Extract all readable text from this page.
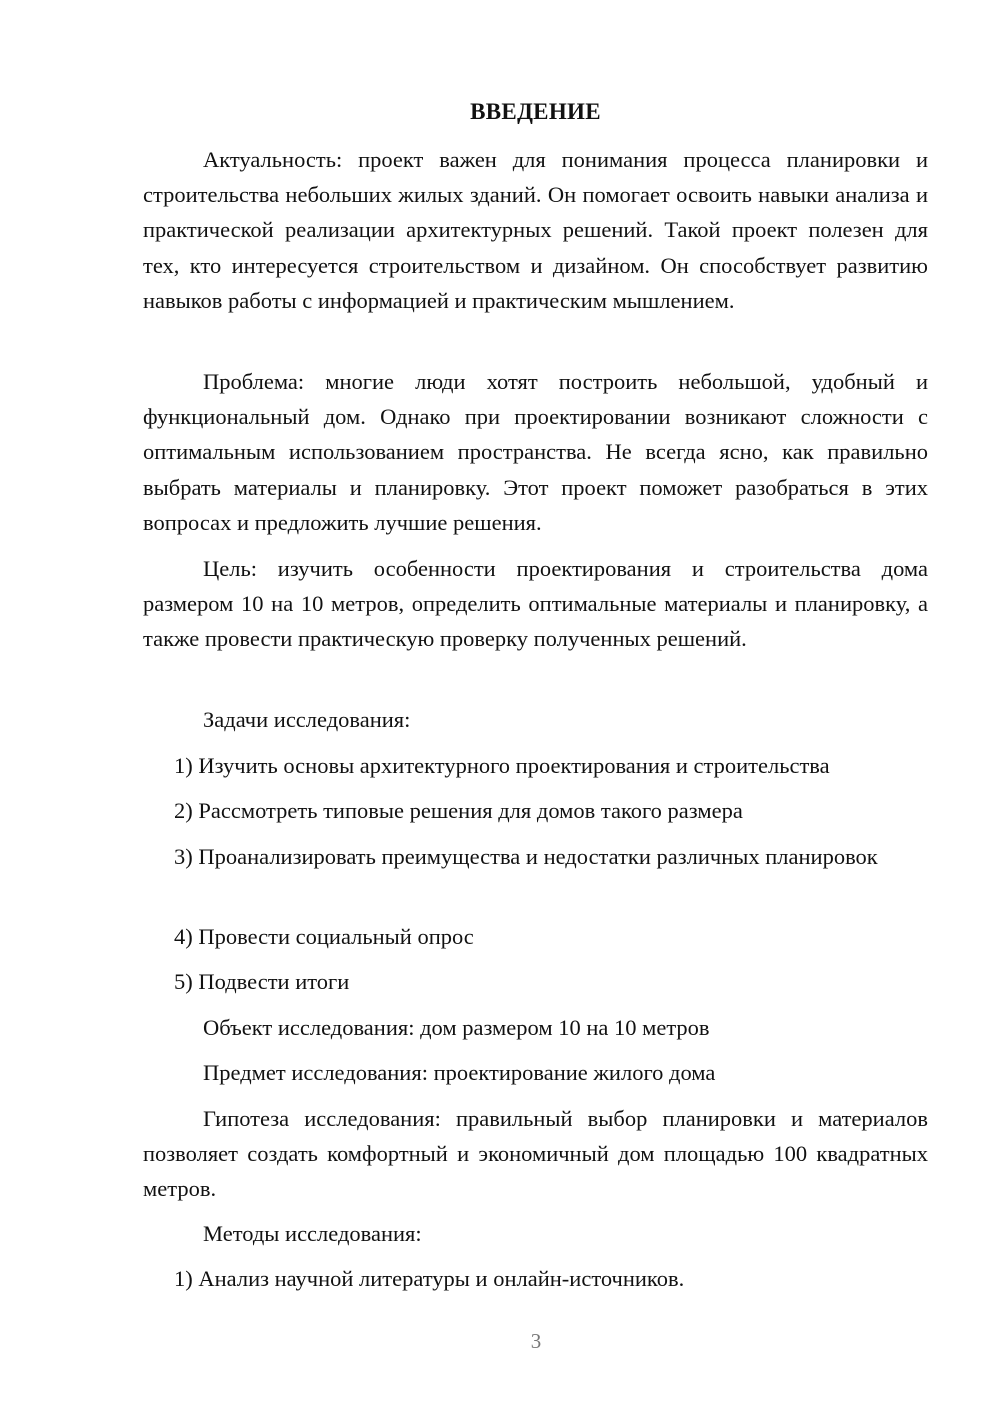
ВВЕДЕНИЕ

Актуальность: проект важен для понимания процесса планировки и строительства небольших жилых зданий. Он помогает освоить навыки анализа и практической реализации архитектурных решений. Такой проект полезен для тех, кто интересуется строительством и дизайном. Он способствует развитию навыков работы с информацией и практическим мышлением.

Проблема: многие люди хотят построить небольшой, удобный и функциональный дом. Однако при проектировании возникают сложности с оптимальным использованием пространства. Не всегда ясно, как правильно выбрать материалы и планировку. Этот проект поможет разобраться в этих вопросах и предложить лучшие решения.

Цель: изучить особенности проектирования и строительства дома размером 10 на 10 метров, определить оптимальные материалы и планировку, а также провести практическую проверку полученных решений.

Задачи исследования:

1) Изучить основы архитектурного проектирования и строительства

2) Рассмотреть типовые решения для домов такого размера

3) Проанализировать преимущества и недостатки различных планировок

4) Провести социальный опрос

5) Подвести итоги

Объект исследования: дом размером 10 на 10 метров

Предмет исследования: проектирование жилого дома

Гипотеза исследования: правильный выбор планировки и материалов позволяет создать комфортный и экономичный дом площадью 100 квадратных метров.

Методы исследования:

1) Анализ научной литературы и онлайн-источников.

3
